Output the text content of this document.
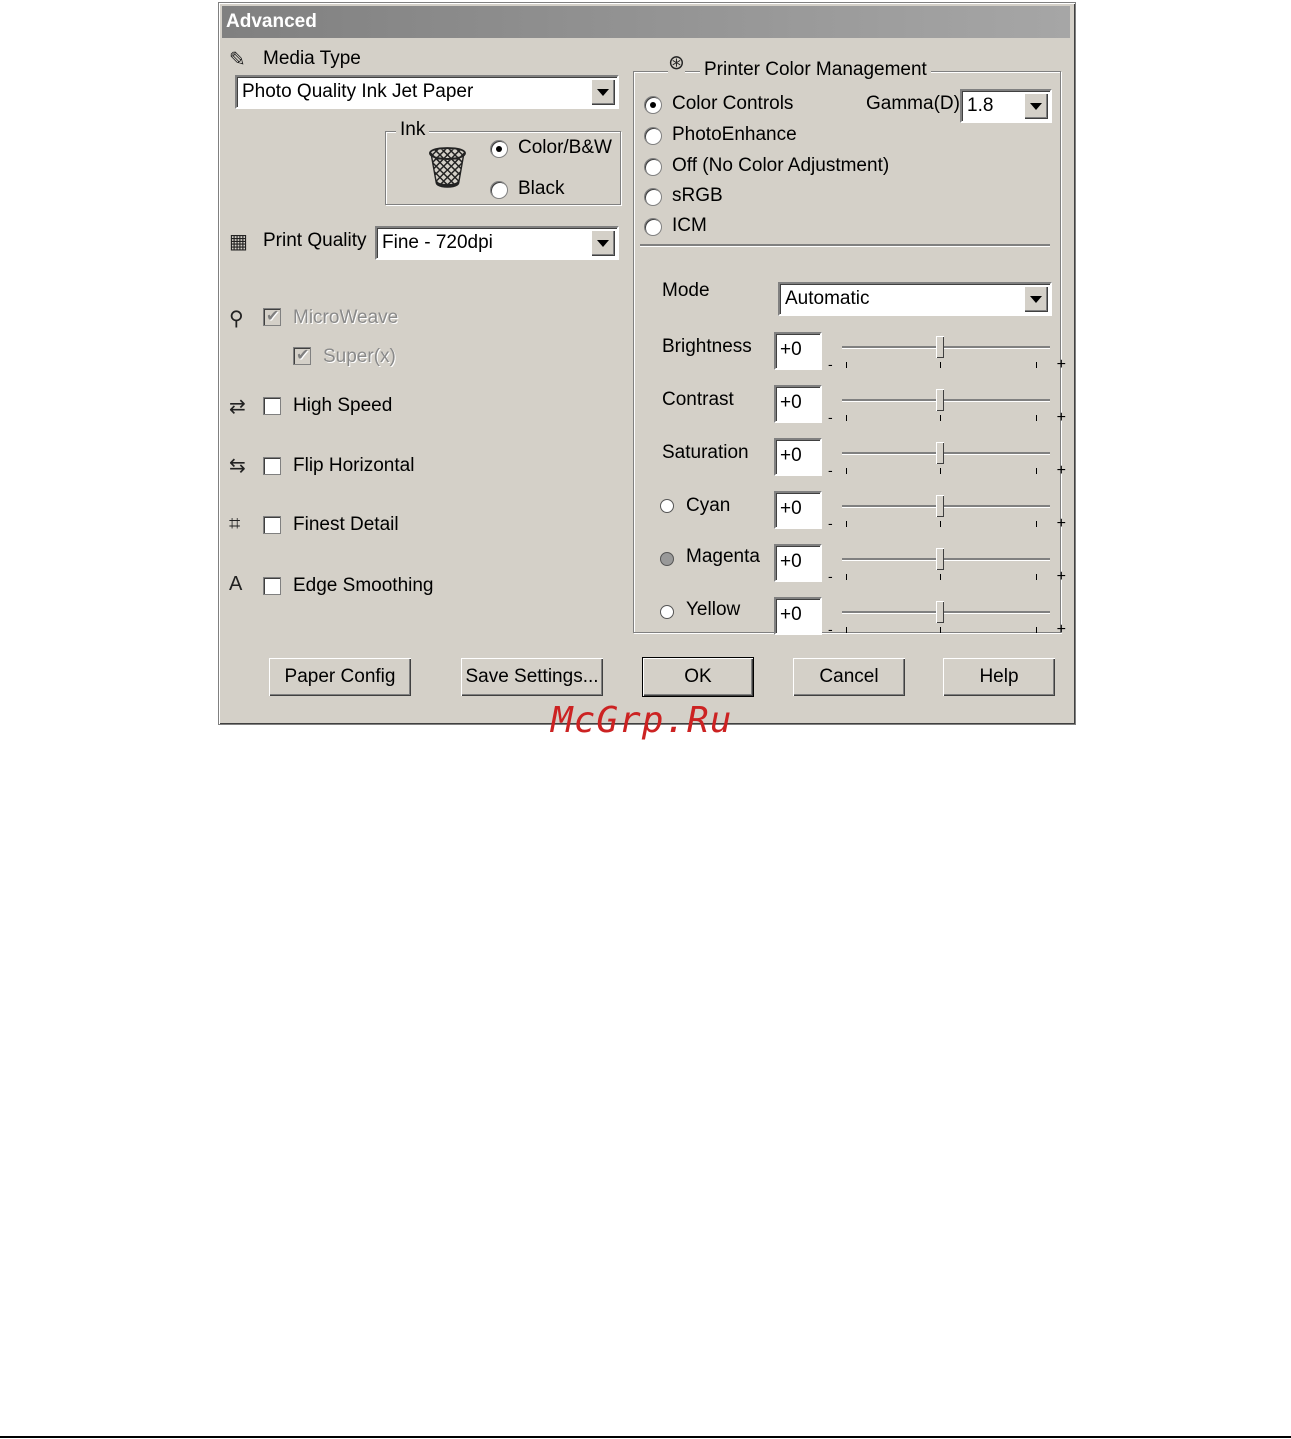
Advanced
✎ Media Type
Photo Quality Ink Jet Paper
Ink
🗑 Color/B&W
Black
▦ Print Quality Fine - 720dpi
⚲ ✔ MicroWeave
✔ Super(x)
⇄ High Speed
⇆ Flip Horizontal
⌗	Finest Detail
A	Edge Smoothing
⊛ Printer Color Management
Color Controls
PhotoEnhance
Off (No Color Adjustment)
sRGB
ICM
Gamma(D) 1.8
Mode	Automatic
Brightness +0
-	+
Contrast +0
-	+
Saturation +0
-	+
Cyan	+0
-	+
Magenta +0
-	+
Yellow +0
-	+
Paper Config	Save Settings...	OK	Cancel	Help
McGrp.Ru
